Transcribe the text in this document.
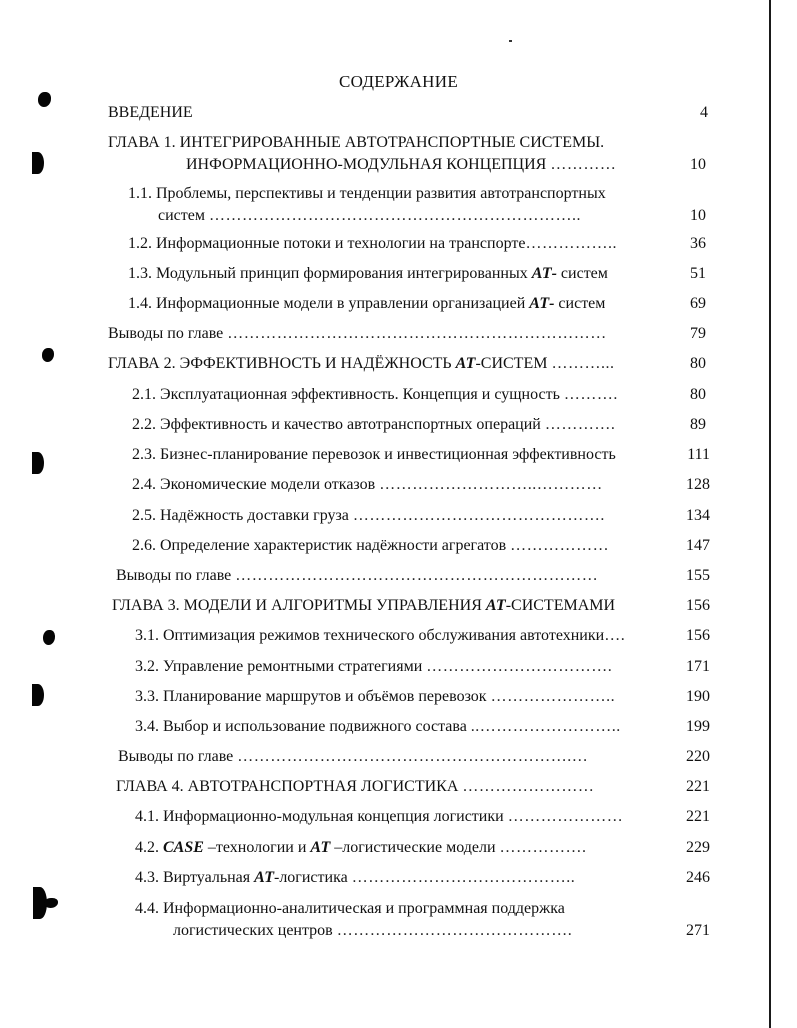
СОДЕРЖАНИЕ
ВВЕДЕНИЕ	4
ГЛАВА 1. ИНТЕГРИРОВАННЫЕ АВТОТРАНСПОРТНЫЕ СИСТЕМЫ.
ИНФОРМАЦИОННО-МОДУЛЬНАЯ КОНЦЕПЦИЯ …………	10
1.1. Проблемы, перспективы и тенденции развития автотранспортных
систем …………………………………………………………..	10
1.2. Информационные потоки и технологии на транспорте……………..	36
1.3. Модульный принцип формирования интегрированных АТ- систем	51
1.4. Информационные модели в управлении организацией АТ- систем	69
Выводы по главе ……………………………………………………………	79
ГЛАВА 2. ЭФФЕКТИВНОСТЬ И НАДЁЖНОСТЬ АТ-СИСТЕМ ………...	80
2.1. Эксплуатационная эффективность. Концепция и сущность ……….	80
2.2. Эффективность и качество автотранспортных операций ………….	89
2.3. Бизнес-планирование перевозок и инвестиционная эффективность	111
2.4. Экономические модели отказов ………………………..…………	128
2.5. Надёжность доставки груза ……………………………………….	134
2.6. Определение характеристик надёжности агрегатов ………………	147
Выводы по главе …………………………………………………………	155
ГЛАВА 3. МОДЕЛИ И АЛГОРИТМЫ УПРАВЛЕНИЯ АТ-СИСТЕМАМИ	156
3.1. Оптимизация режимов технического обслуживания автотехники….	156
3.2. Управление ремонтными стратегиями …………………………….	171
3.3. Планирование маршрутов и объёмов перевозок …………………..	190
3.4. Выбор и использование подвижного состава ..……………………..	199
Выводы по главе …………………………………………………….…	220
ГЛАВА 4. АВТОТРАНСПОРТНАЯ ЛОГИСТИКА ……………………	221
4.1. Информационно-модульная концепция логистики …………………	221
4.2. CASE –технологии и АТ –логистические модели …………….	229
4.3. Виртуальная АТ-логистика …………………………………..	246
4.4. Информационно-аналитическая и программная поддержка
логистических центров …………………………………….	271
